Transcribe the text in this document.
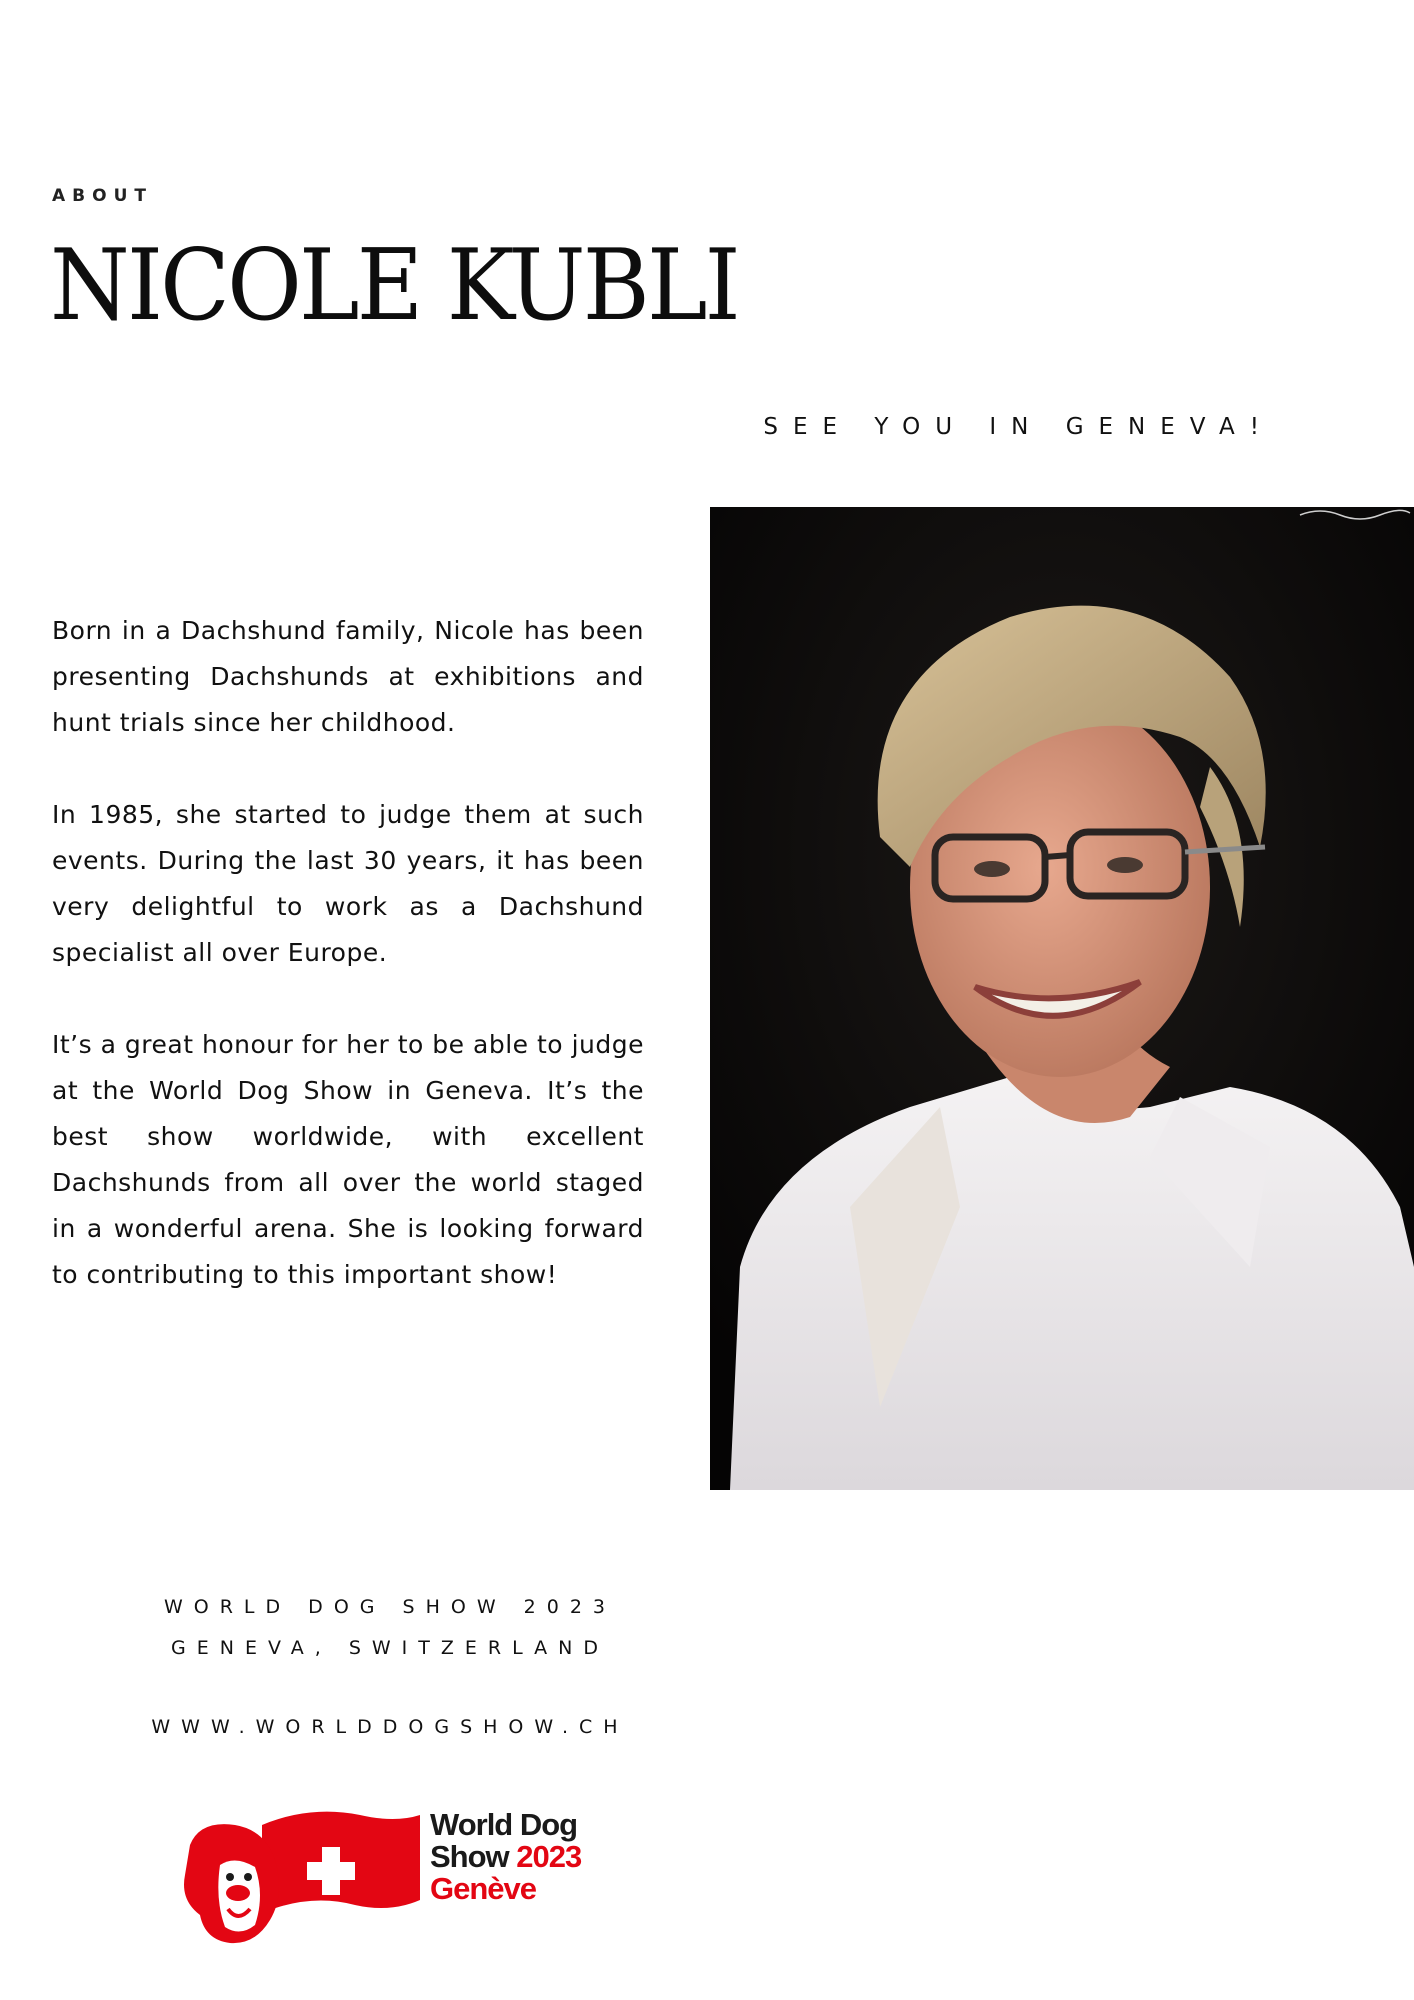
ABOUT
NICOLE KUBLI
SEE YOU IN GENEVA!

Born in a Dachshund family, Nicole has been presenting Dachshunds at exhibitions and hunt trials since her childhood.

In 1985, she started to judge them at such events. During the last 30 years, it has been very delightful to work as a Dachshund specialist all over Europe.

It’s a great honour for her to be able to judge at the World Dog Show in Geneva. It’s the best show worldwide, with excellent Dachshunds from all over the world staged in a wonderful arena. She is looking forward to contributing to this important show!

WORLD DOG SHOW 2023
GENEVA, SWITZERLAND
WWW.WORLDDOGSHOW.CH
World Dog
Show 2023
Genève
